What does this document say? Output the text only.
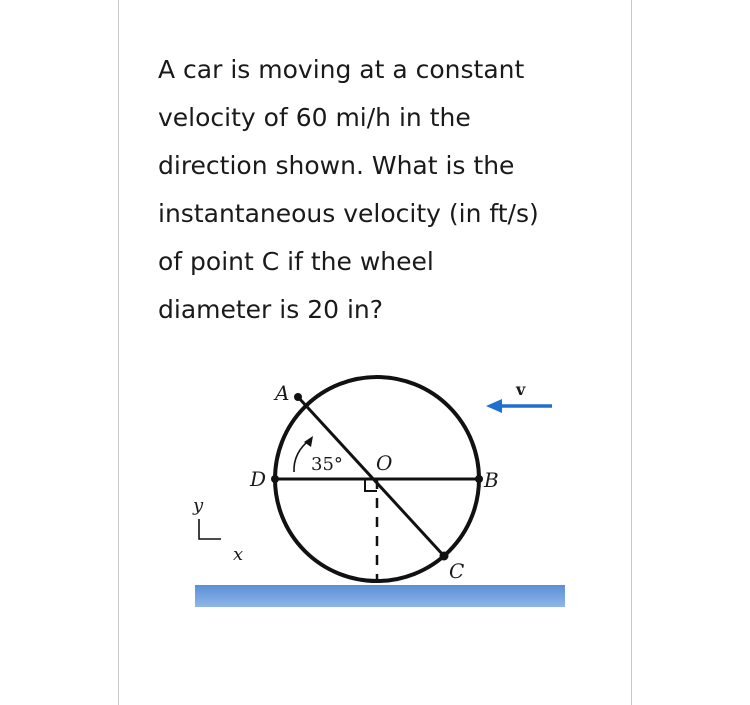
A car is moving at a constant
velocity of 60 mi/h in the
direction shown. What is the
instantaneous velocity (in ft/s)
of point C if the wheel
diameter is 20 in?
A
O
D	B
C
35°
v
y
x
